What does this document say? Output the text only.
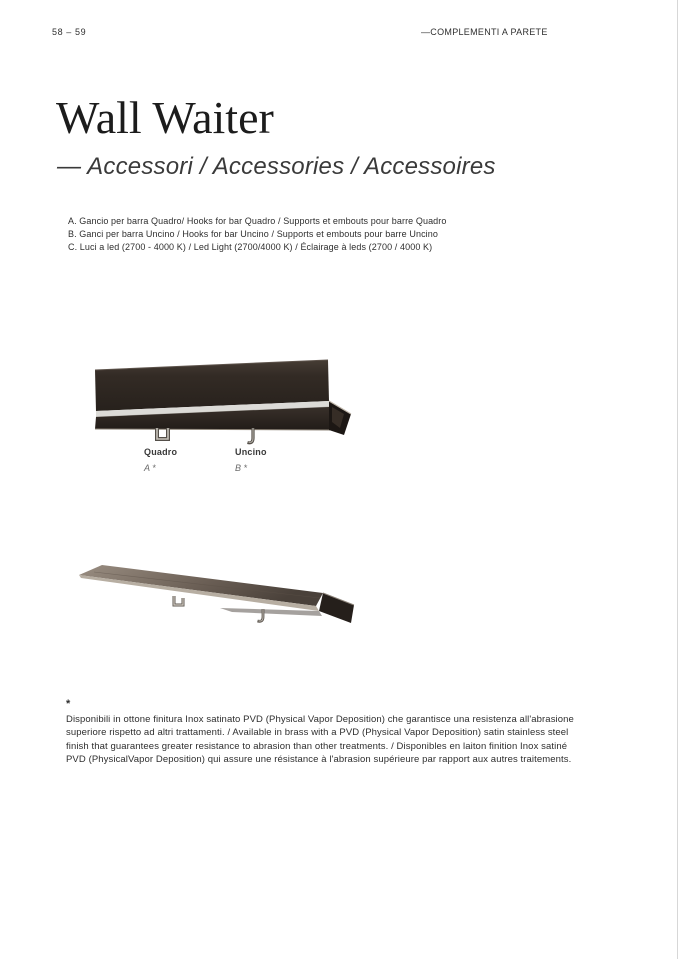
58 – 59	—COMPLEMENTI A PARETE
Wall Waiter
— Accessori / Accessories / Accessoires
A. Gancio per barra Quadro/ Hooks for bar Quadro / Supports et embouts pour barre Quadro
B. Ganci per barra Uncino / Hooks for bar Uncino / Supports et embouts pour barre Uncino
C. Luci a led (2700 - 4000 K) / Led Light (2700/4000 K) / Éclairage à leds (2700 / 4000 K)
Quadro
A *
Uncino
B *
*
Disponibili in ottone finitura Inox satinato PVD (Physical Vapor Deposition) che garantisce una resistenza all'abrasione superiore rispetto ad altri trattamenti. / Available in brass with a PVD (Physical Vapor Deposition) satin stainless steel finish that guarantees greater resistance to abrasion than other treatments. / Disponibles en laiton finition Inox satiné PVD (PhysicalVapor Deposition) qui assure une résistance à l'abrasion supérieure par rapport aux autres traitements.
